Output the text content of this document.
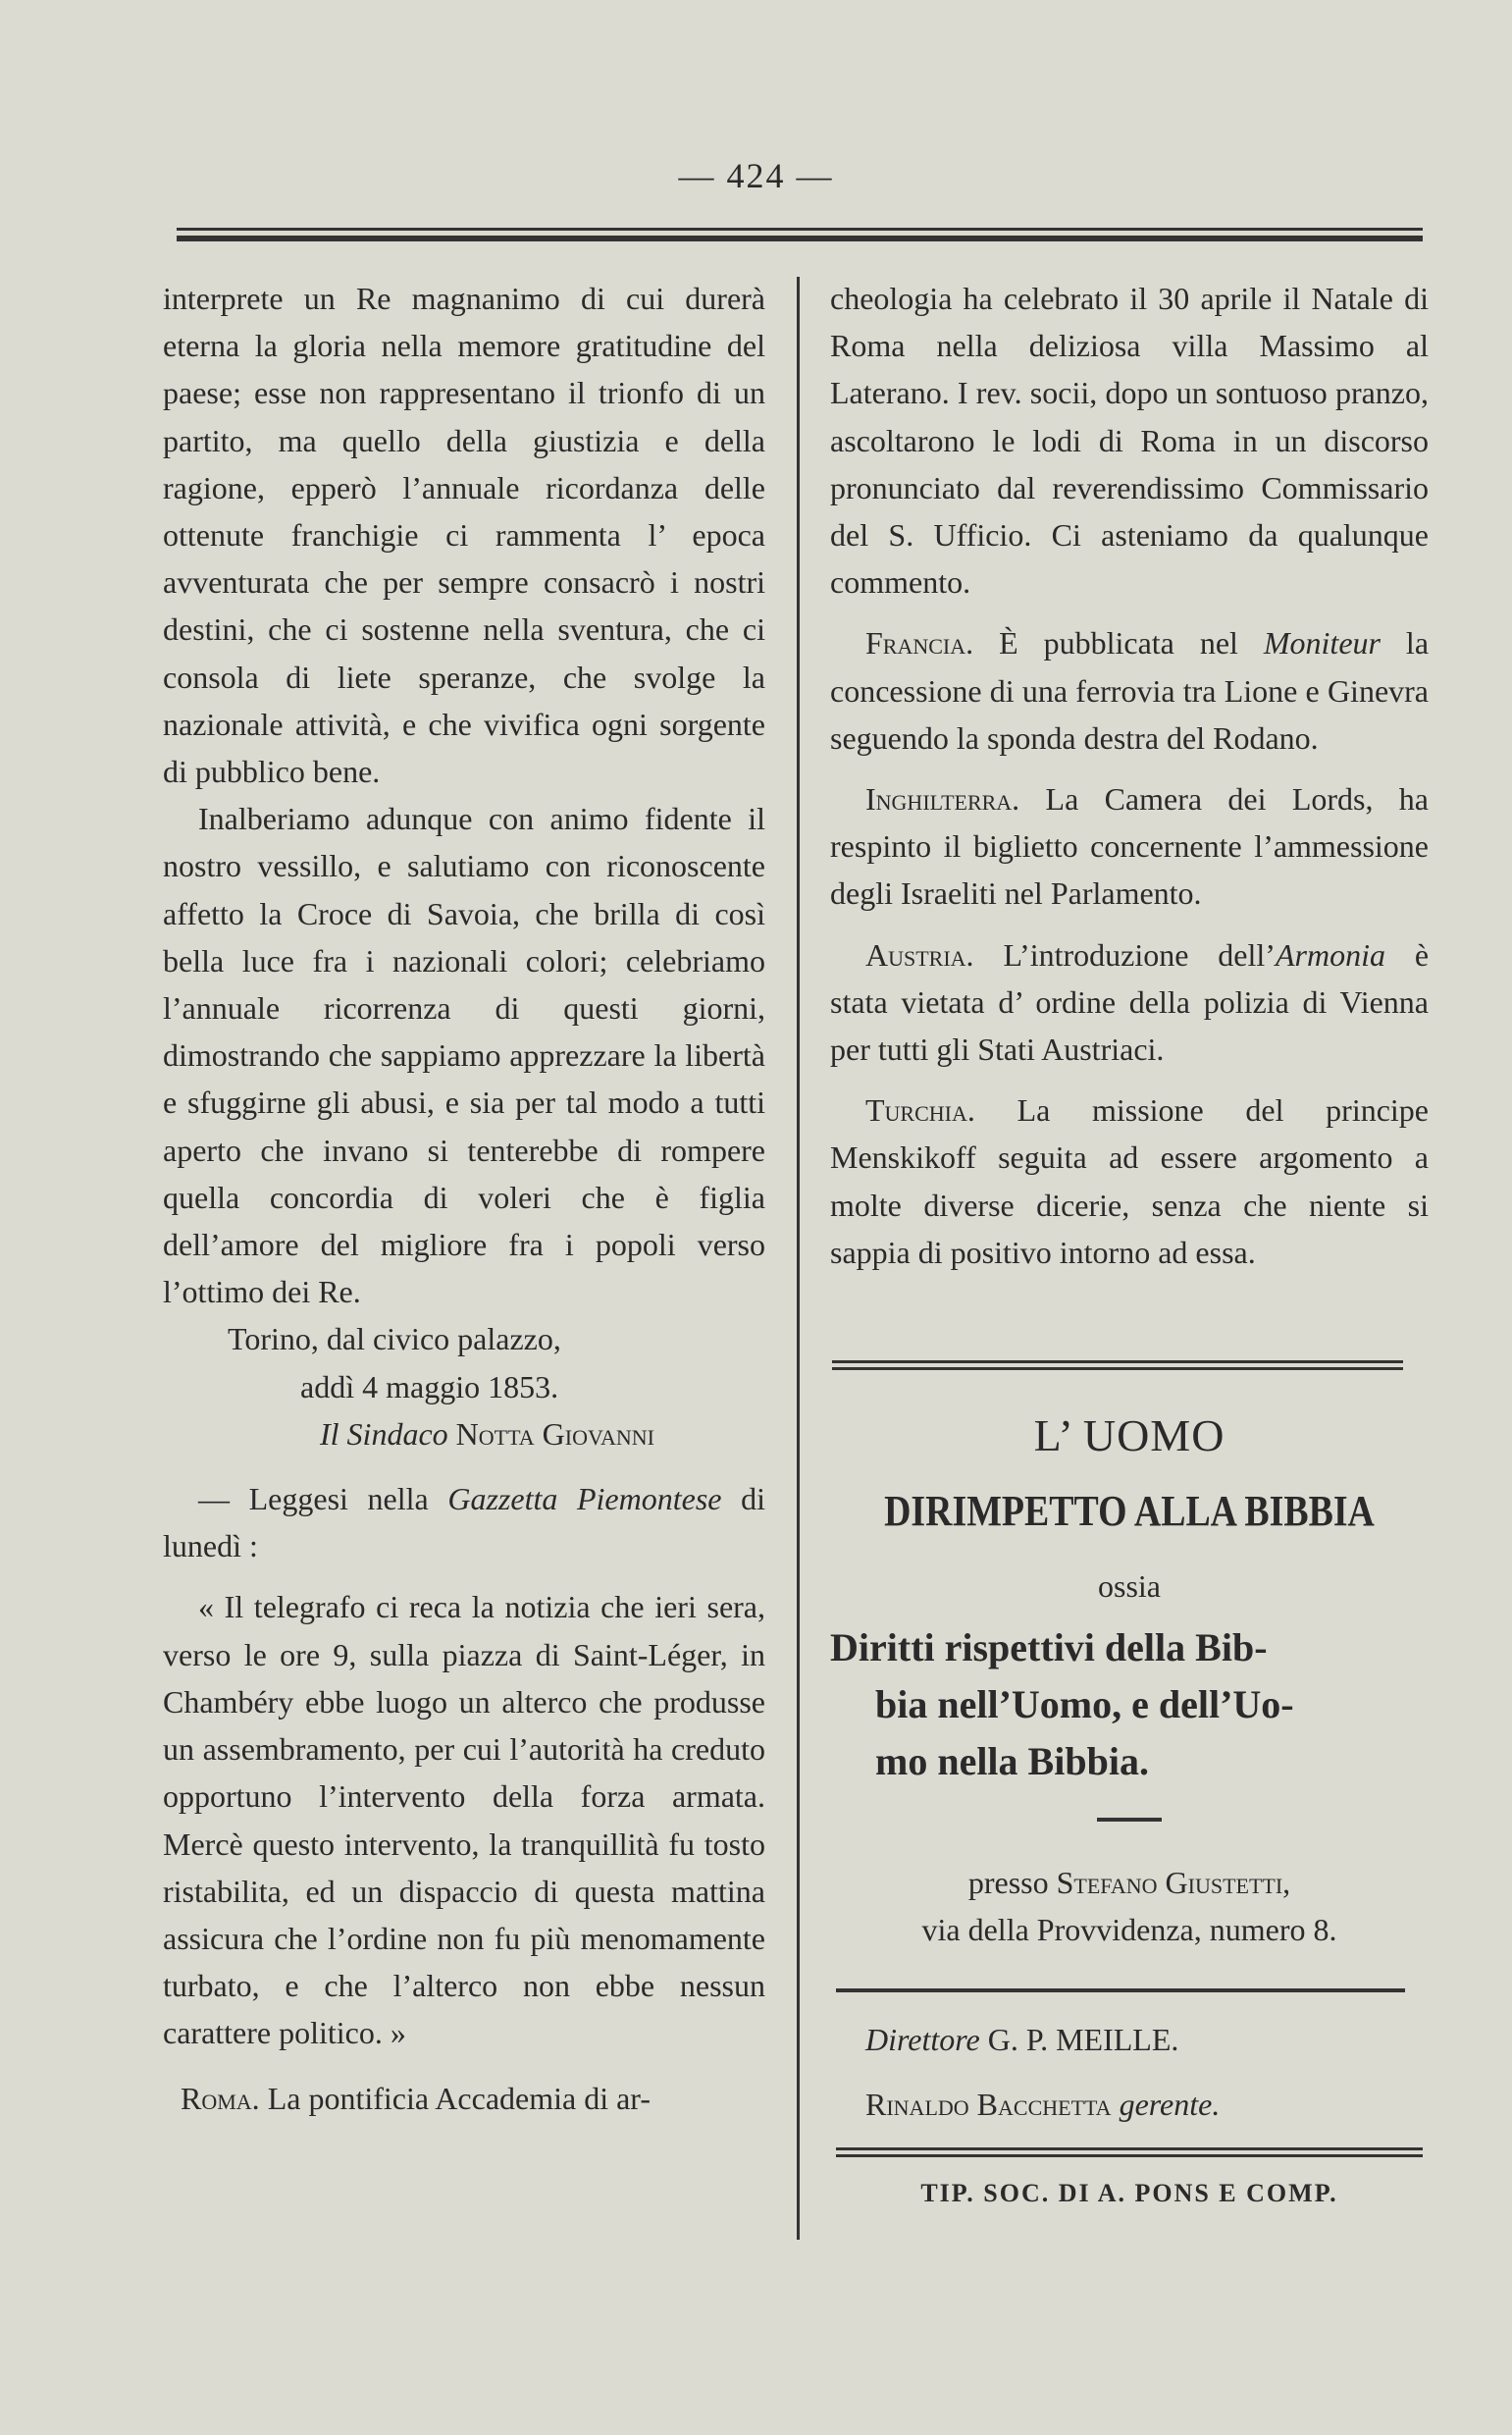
— 424 —

interprete un Re magnanimo di cui durerà eterna la gloria nella memore gratitudine del paese; esse non rappresentano il trionfo di un partito, ma quello della giustizia e della ragione, epperò l’annuale ricordanza delle ottenute franchigie ci rammenta l’ epoca avventurata che per sempre consacrò i nostri destini, che ci sostenne nella sventura, che ci consola di liete speranze, che svolge la nazionale attività, e che vivifica ogni sorgente di pubblico bene.

Inalberiamo adunque con animo fidente il nostro vessillo, e salutiamo con riconoscente affetto la Croce di Savoia, che brilla di così bella luce fra i nazionali colori; celebriamo l’annuale ricorrenza di questi giorni, dimostrando che sappiamo apprezzare la libertà e sfuggirne gli abusi, e sia per tal modo a tutti aperto che invano si tenterebbe di rompere quella concordia di voleri che è figlia dell’amore del migliore fra i popoli verso l’ottimo dei Re.

Torino, dal civico palazzo,

addì 4 maggio 1853.

Il Sindaco Notta Giovanni

— Leggesi nella Gazzetta Piemontese di lunedì :

« Il telegrafo ci reca la notizia che ieri sera, verso le ore 9, sulla piazza di Saint-Léger, in Chambéry ebbe luogo un alterco che produsse un assembramento, per cui l’autorità ha creduto opportuno l’intervento della forza armata. Mercè questo intervento, la tranquillità fu tosto ristabilita, ed un dispaccio di questa mattina assicura che l’ordine non fu più menomamente turbato, e che l’alterco non ebbe nessun carattere politico. »

Roma. La pontificia Accademia di ar-

cheologia ha celebrato il 30 aprile il Natale di Roma nella deliziosa villa Massimo al Laterano. I rev. socii, dopo un sontuoso pranzo, ascoltarono le lodi di Roma in un discorso pronunciato dal reverendissimo Commissario del S. Ufficio. Ci asteniamo da qualunque commento.

Francia. È pubblicata nel Moniteur la concessione di una ferrovia tra Lione e Ginevra seguendo la sponda destra del Rodano.

Inghilterra. La Camera dei Lords, ha respinto il biglietto concernente l’ammessione degli Israeliti nel Parlamento.

Austria. L’introduzione dell’Armonia è stata vietata d’ ordine della polizia di Vienna per tutti gli Stati Austriaci.

Turchia. La missione del principe Menskikoff seguita ad essere argomento a molte diverse dicerie, senza che niente si sappia di positivo intorno ad essa.

L’ UOMO

DIRIMPETTO ALLA BIBBIA

ossia

Diritti rispettivi della Bib-
bia nell’Uomo, e dell’Uo-
mo nella Bibbia.

presso Stefano Giustetti,
via della Provvidenza, numero 8.

Direttore G. P. MEILLE.

Rinaldo Bacchetta gerente.

TIP. SOC. DI A. PONS E COMP.
